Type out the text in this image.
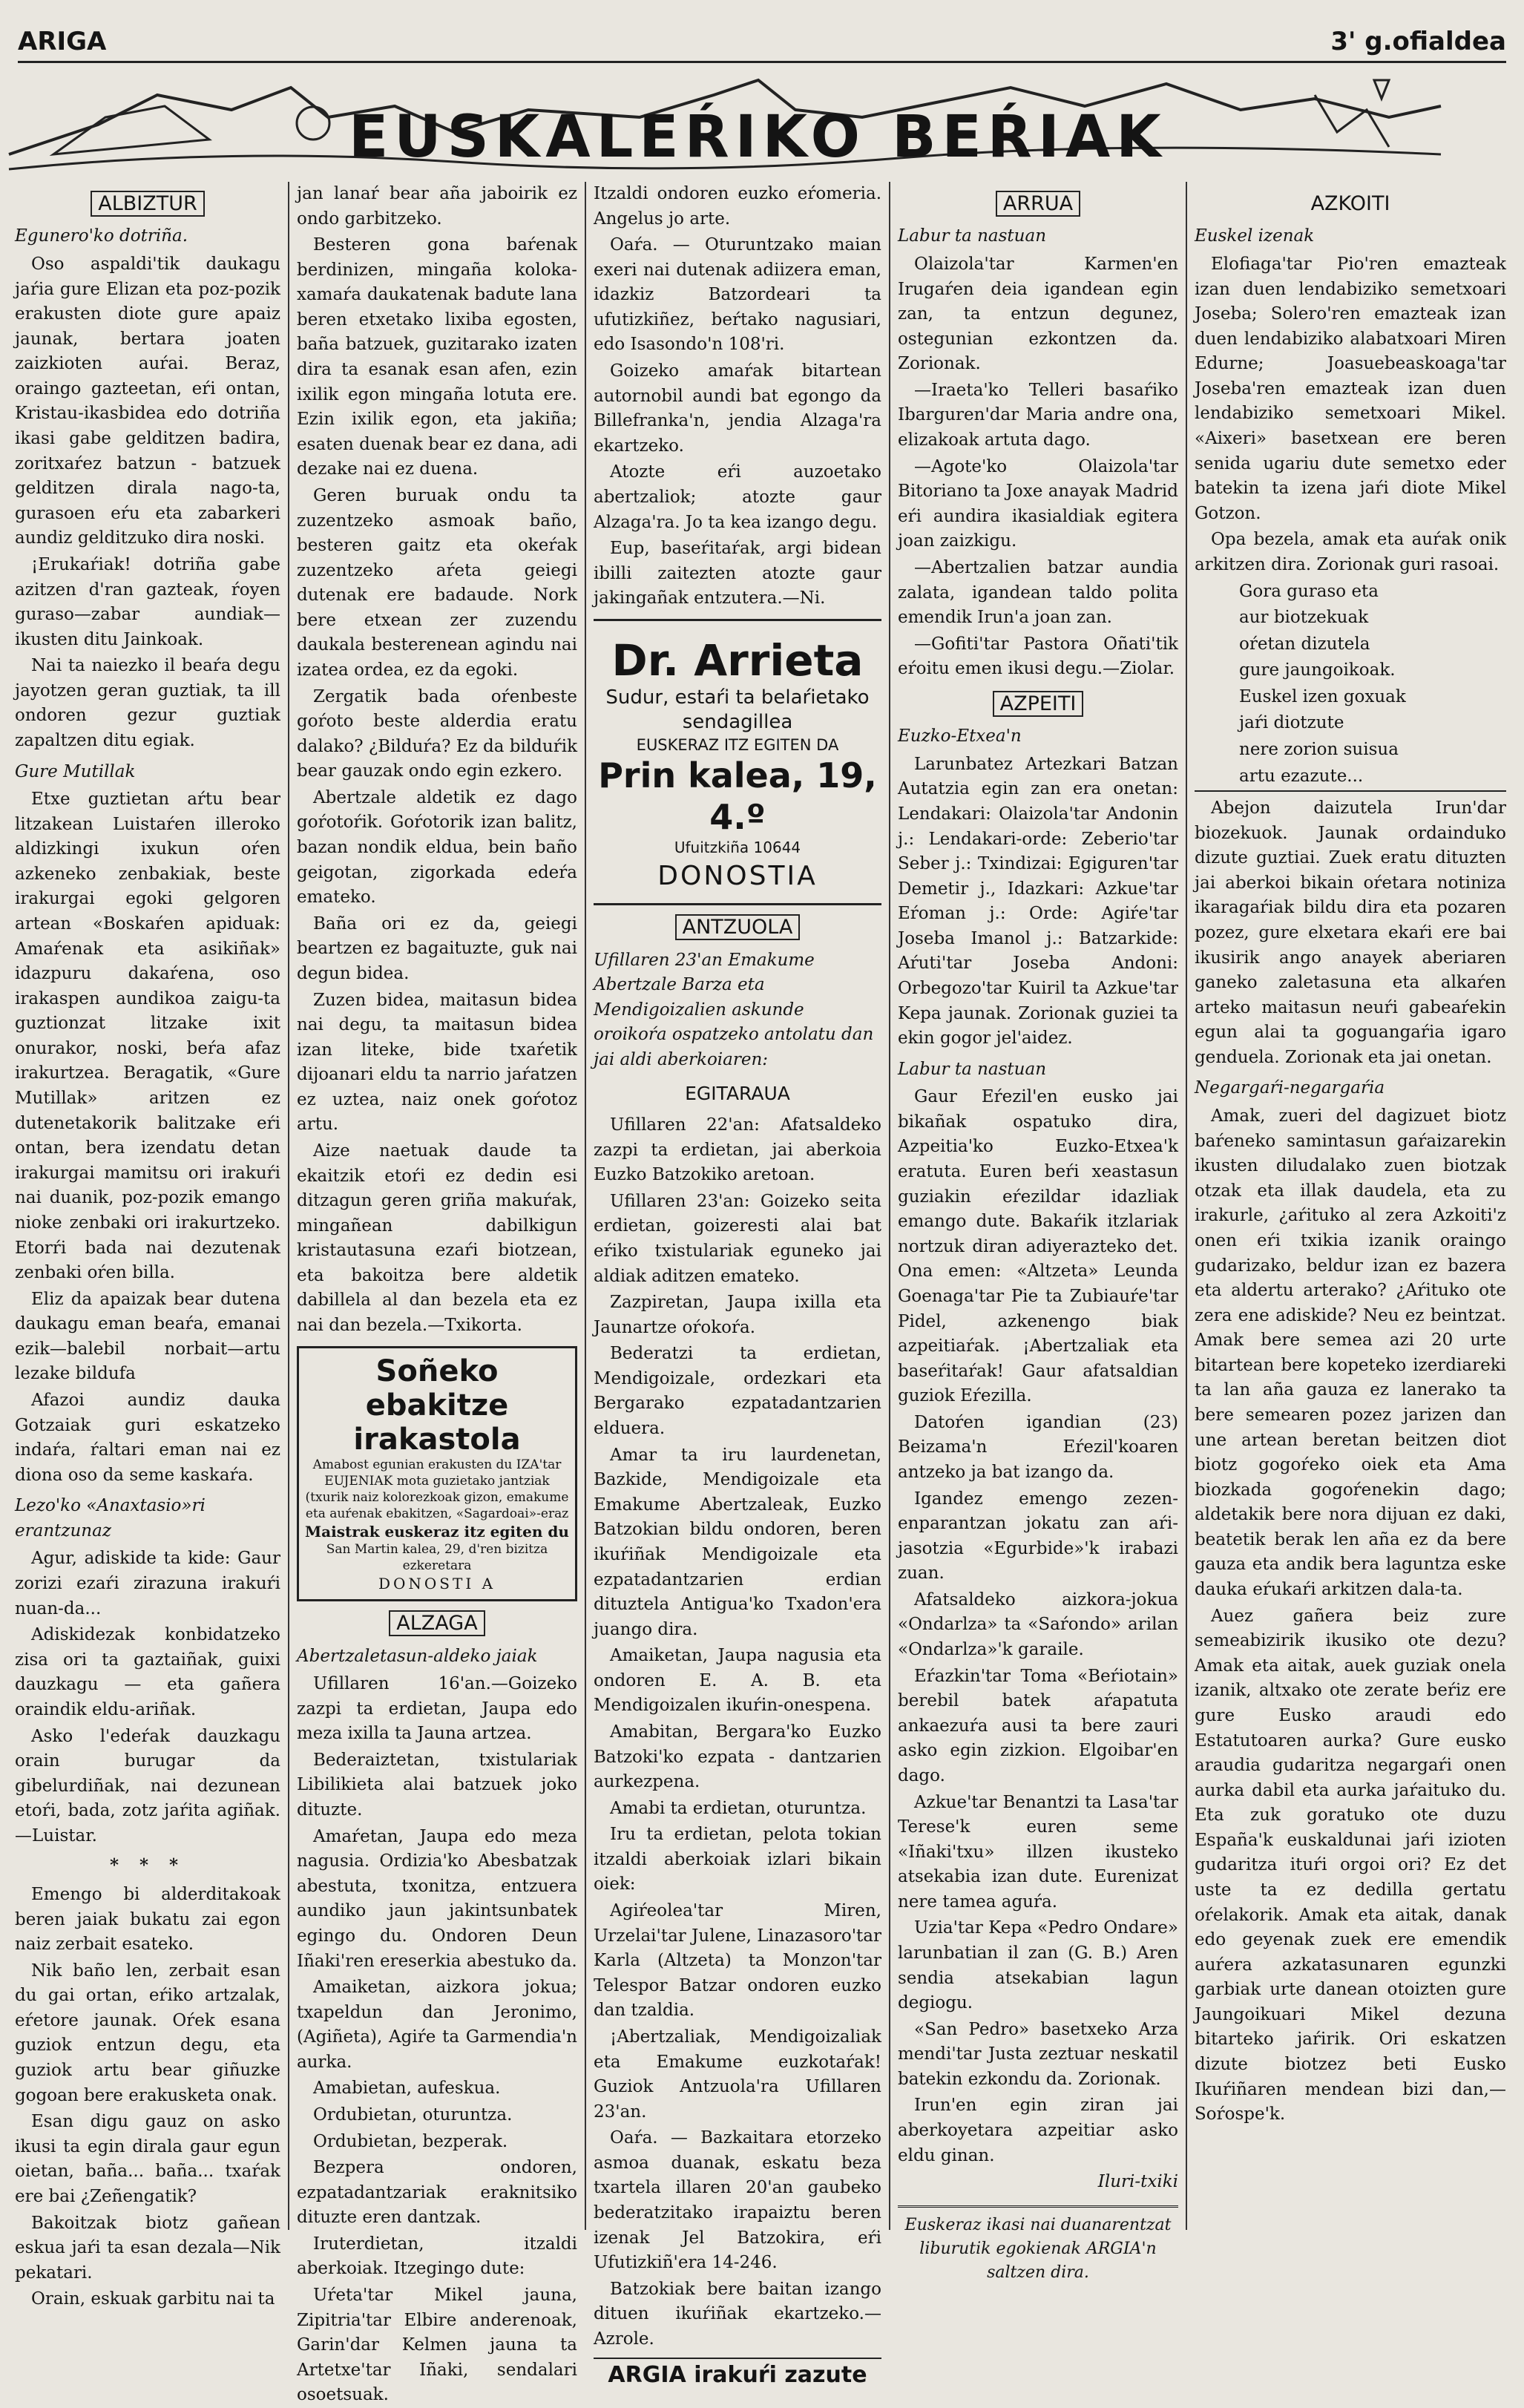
ARIGA	3' g.ofialdea
EUSKALEŔIKO BEŔIAK
ALBIZTUR
Egunero'ko dotriña.

Oso aspaldi'tik daukagu jaŕia gure Elizan eta poz-pozik erakusten diote gure apaiz jaunak, bertara joaten zaizkioten auŕai. Beraz, oraingo gazteetan, eŕi ontan, Kristau-ikasbidea edo dotriña ikasi gabe gelditzen badira, zoritxaŕez batzun - batzuek gelditzen dirala nago-ta, gurasoen eŕu eta zabarkeri aundiz gelditzuko dira noski.

¡Erukaŕiak! dotriña gabe azitzen d'ran gazteak, ŕoyen guraso—zabar aundiak—ikusten ditu Jainkoak.

Nai ta naiezko il beaŕa degu jayotzen geran guztiak, ta ill ondoren gezur guztiak zapaltzen ditu egiak.

Gure Mutillak

Etxe guztietan aŕtu bear litzakean Luistaŕen illeroko aldizkingi ixukun oŕen azkeneko zenbakiak, beste irakurgai egoki gelgoren artean «Boskaŕen apiduak: Amaŕenak eta asikiñak» idazpuru dakaŕena, oso irakaspen aundikoa zaigu-ta guztionzat litzake ixit onurakor, noski, beŕa afaz irakurtzea. Beragatik, «Gure Mutillak» aritzen ez dutenetakorik balitzake eŕi ontan, bera izendatu detan irakurgai mamitsu ori irakuŕi nai duanik, poz-pozik emango nioke zenbaki ori irakurtzeko. Etorŕi bada nai dezutenak zenbaki oŕen billa.

Eliz da apaizak bear dutena daukagu eman beaŕa, emanai ezik—balebil norbait—artu lezake bildufa

Afazoi aundiz dauka Gotzaiak guri eskatzeko indaŕa, ŕaltari eman nai ez diona oso da seme kaskaŕa.

Lezo'ko «Anaxtasio»ri erantzunaz

Agur, adiskide ta kide: Gaur zorizi ezaŕi zirazuna irakuŕi nuan-da...

Adiskidezak konbidatzeko zisa ori ta gaztaiñak, guixi dauzkagu — eta gañera oraindik eldu-ariñak.

Asko l'edeŕak dauzkagu orain burugar da gibelurdiñak, nai dezunean etoŕi, bada, zotz jaŕita agiñak.—Luistar.

* * *

Emengo bi alderditakoak beren jaiak bukatu zai egon naiz zerbait esateko.

Nik baño len, zerbait esan du gai ortan, eŕiko artzalak, eŕetore jaunak. Oŕek esana guziok entzun degu, eta guziok artu bear giñuzke gogoan bere erakusketa onak.

Esan digu gauz on asko ikusi ta egin dirala gaur egun oietan, baña... baña... txaŕak ere bai ¿Zeñengatik?

Bakoitzak biotz gañean eskua jaŕi ta esan dezala—Nik pekatari.

Orain, eskuak garbitu nai ta

jan lanaŕ bear aña jaboirik ez ondo garbitzeko.

Besteren gona baŕenak berdinizen, mingaña koloka-xamaŕa daukatenak badute lana beren etxetako lixiba egosten, baña batzuek, guzitarako izaten dira ta esanak esan afen, ezin ixilik egon mingaña lotuta ere. Ezin ixilik egon, eta jakiña; esaten duenak bear ez dana, adi dezake nai ez duena.

Geren buruak ondu ta zuzentzeko asmoak baño, besteren gaitz eta okeŕak zuzentzeko aŕeta geiegi dutenak ere badaude. Nork bere etxean zer zuzendu daukala besterenean agindu nai izatea ordea, ez da egoki.

Zergatik bada oŕenbeste goŕoto beste alderdia eratu dalako? ¿Bilduŕa? Ez da bilduŕik bear gauzak ondo egin ezkero.

Abertzale aldetik ez dago goŕotoŕik. Goŕotorik izan balitz, bazan nondik eldua, bein baño geigotan, zigorkada edeŕa emateko.

Baña ori ez da, geiegi beartzen ez bagaituzte, guk nai degun bidea.

Zuzen bidea, maitasun bidea nai degu, ta maitasun bidea izan liteke, bide txaŕetik dijoanari eldu ta narrio jaŕatzen ez uztea, naiz onek goŕotoz artu.

Aize naetuak daude ta ekaitzik etoŕi ez dedin esi ditzagun geren griña makuŕak, mingañean dabilkigun kristautasuna ezaŕi biotzean, eta bakoitza bere aldetik dabillela al dan bezela eta ez nai dan bezela.—Txikorta.

Soñeko ebakitze irakastola
Amabost egunian erakusten du IZA'tar EUJENIAK mota guzietako jantziak (txurik naiz kolorezkoak gizon, emakume eta auŕenak ebakitzen, «Sagardoai»-eraz
Maistrak euskeraz itz egiten du
San Martin kalea, 29, d'ren bizitza ezkeretara
DONOSTI A
ALZAGA
Abertzaletasun-aldeko jaiak

Ufillaren 16'an.—Goizeko zazpi ta erdietan, Jaupa edo meza ixilla ta Jauna artzea.

Bederaiztetan, txistulariak Libilikieta alai batzuek joko dituzte.

Amaŕetan, Jaupa edo meza nagusia. Ordizia'ko Abesbatzak abestuta, txonitza, entzuera aundiko jaun jakintsunbatek egingo du. Ondoren Deun Iñaki'ren ereserkia abestuko da.

Amaiketan, aizkora jokua; txapeldun dan Jeronimo, (Agiñeta), Agiŕe ta Garmendia'n aurka.

Amabietan, aufeskua.

Ordubietan, oturuntza.

Ordubietan, bezperak.

Bezpera ondoren, ezpatadantzariak eraknitsiko dituzte eren dantzak.

Iruterdietan, itzaldi aberkoiak. Itzegingo dute:

Uŕeta'tar Mikel jauna, Zipitria'tar Elbire anderenoak, Garin'dar Kelmen jauna ta Artetxe'tar Iñaki, sendalari osoetsuak.

Itzaldi ondoren euzko eŕomeria. Angelus jo arte.

Oaŕa. — Oturuntzako maian exeri nai dutenak adiizera eman, idazkiz Batzordeari ta ufutizkiñez, beŕtako nagusiari, edo Isasondo'n 108'ri.

Goizeko amaŕak bitartean autornobil aundi bat egongo da Billefranka'n, jendia Alzaga'ra ekartzeko.

Atozte eŕi auzoetako abertzaliok; atozte gaur Alzaga'ra. Jo ta kea izango degu.

Eup, baseŕitaŕak, argi bidean ibilli zaitezten atozte gaur jakingañak entzutera.—Ni.

Dr. Arrieta
Sudur, estaŕi ta belaŕietako
sendagillea
EUSKERAZ ITZ EGITEN DA
Prin kalea, 19, 4.º
Ufuitzkiña 10644
DONOSTIA
ANTZUOLA
Ufillaren 23'an Emakume Abertzale Barza eta Mendigoizalien askunde oroikoŕa ospatzeko antolatu dan jai aldi aberkoiaren:
EGITARAUA

Ufillaren 22'an: Afatsaldeko zazpi ta erdietan, jai aberkoia Euzko Batzokiko aretoan.

Ufillaren 23'an: Goizeko seita erdietan, goizeresti alai bat eŕiko txistulariak eguneko jai aldiak aditzen emateko.

Zazpiretan, Jaupa ixilla eta Jaunartze oŕokoŕa.

Bederatzi ta erdietan, Mendigoizale, ordezkari eta Bergarako ezpatadantzarien elduera.

Amar ta iru laurdenetan, Bazkide, Mendigoizale eta Emakume Abertzaleak, Euzko Batzokian bildu ondoren, beren ikuŕiñak Mendigoizale eta ezpatadantzarien erdian dituztela Antigua'ko Txadon'era juango dira.

Amaiketan, Jaupa nagusia eta ondoren E. A. B. eta Mendigoizalen ikuŕin-onespena.

Amabitan, Bergara'ko Euzko Batzoki'ko ezpata - dantzarien aurkezpena.

Amabi ta erdietan, oturuntza.

Iru ta erdietan, pelota tokian itzaldi aberkoiak izlari bikain oiek:

Agiŕeolea'tar Miren, Urzelai'tar Julene, Linazasoro'tar Karla (Altzeta) ta Monzon'tar Telespor Batzar ondoren euzko dan tzaldia.

¡Abertzaliak, Mendigoizaliak eta Emakume euzkotaŕak! Guziok Antzuola'ra Ufillaren 23'an.

Oaŕa. — Bazkaitara etorzeko asmoa duanak, eskatu beza txartela illaren 20'an gaubeko bederatzitako irapaiztu beren izenak Jel Batzokira, eŕi Ufutizkiñ'era 14-246.

Batzokiak bere baitan izango dituen ikuŕiñak ekartzeko.—Azrole.

ARGIA irakuŕi zazute
ARRUA
Labur ta nastuan

Olaizola'tar Karmen'en Irugaŕen deia igandean egin zan, ta entzun degunez, ostegunian ezkontzen da. Zorionak.

—Iraeta'ko Telleri basaŕiko Ibarguren'dar Maria andre ona, elizakoak artuta dago.

—Agote'ko Olaizola'tar Bitoriano ta Joxe anayak Madrid eŕi aundira ikasialdiak egitera joan zaizkigu.

—Abertzalien batzar aundia zalata, igandean taldo polita emendik Irun'a joan zan.

—Gofiti'tar Pastora Oñati'tik eŕoitu emen ikusi degu.—Ziolar.

AZPEITI
Euzko-Etxea'n

Larunbatez Artezkari Batzan Autatzia egin zan era onetan: Lendakari: Olaizola'tar Andonin j.: Lendakari-orde: Zeberio'tar Seber j.: Txindizai: Egiguren'tar Demetir j., Idazkari: Azkue'tar Eŕoman j.: Orde: Agiŕe'tar Joseba Imanol j.: Batzarkide: Aŕuti'tar Joseba Andoni: Orbegozo'tar Kuiril ta Azkue'tar Kepa jaunak. Zorionak guziei ta ekin gogor jel'aidez.

Labur ta nastuan

Gaur Eŕezil'en eusko jai bikañak ospatuko dira, Azpeitia'ko Euzko-Etxea'k eratuta. Euren beŕi xeastasun guziakin eŕezildar idazliak emango dute. Bakaŕik itzlariak nortzuk diran adiyerazteko det. Ona emen: «Altzeta» Leunda Goenaga'tar Pie ta Zubiauŕe'tar Pidel, azkenengo biak azpeitiaŕak. ¡Abertzaliak eta baseŕitaŕak! Gaur afatsaldian guziok Eŕezilla.

Datoŕen igandian (23) Beizama'n Eŕezil'koaren antzeko ja bat izango da.

Igandez emengo zezen-enparantzan jokatu zan aŕi-jasotzia «Egurbide»'k irabazi zuan.

Afatsaldeko aizkora-jokua «Ondarlza» ta «Saŕondo» arilan «Ondarlza»'k garaile.

Eŕazkin'tar Toma «Beŕiotain» berebil batek aŕapatuta ankaezuŕa ausi ta bere zauri asko egin zizkion. Elgoibar'en dago.

Azkue'tar Benantzi ta Lasa'tar Terese'k euren seme «Iñaki'txu» illzen ikusteko atsekabia izan dute. Eurenizat nere tamea aguŕa.

Uzia'tar Kepa «Pedro Ondare» larunbatian il zan (G. B.) Aren sendia atsekabian lagun degiogu.

«San Pedro» basetxeko Arza mendi'tar Justa zeztuar neskatil batekin ezkondu da. Zorionak.

Irun'en egin ziran jai aberkoyetara azpeitiar asko eldu ginan.

Iluri-txiki
Euskeraz ikasi nai duanarentzat liburutik egokienak ARGIA'n saltzen dira.
AZKOITI
Euskel izenak

Elofiaga'tar Pio'ren emazteak izan duen lendabiziko semetxoari Joseba; Solero'ren emazteak izan duen lendabiziko alabatxoari Miren Edurne; Joasuebeaskoaga'tar Joseba'ren emazteak izan duen lendabiziko semetxoari Mikel. «Aixeri» basetxean ere beren senida ugariu dute semetxo eder batekin ta izena jaŕi diote Mikel Gotzon.

Opa bezela, amak eta auŕak onik arkitzen dira. Zorionak guri rasoai.

Gora guraso eta

aur biotzekuak

oŕetan dizutela

gure jaungoikoak.

Euskel izen goxuak

jaŕi diotzute

nere zorion suisua

artu ezazute...

Abejon daizutela Irun'dar biozekuok. Jaunak ordainduko dizute guztiai. Zuek eratu dituzten jai aberkoi bikain oŕetara notiniza ikaragaŕiak bildu dira eta pozaren pozez, gure elxetara ekaŕi ere bai ikusirik ango anayek aberiaren ganeko zaletasuna eta alkaŕen arteko maitasun neuŕi gabeaŕekin egun alai ta goguangaŕia igaro genduela. Zorionak eta jai onetan.

Negargaŕi-negargaŕia

Amak, zueri del dagizuet biotz baŕeneko samintasun gaŕaizarekin ikusten diludalako zuen biotzak otzak eta illak daudela, eta zu irakurle, ¿aŕituko al zera Azkoiti'z onen eŕi txikia izanik oraingo gudarizako, beldur izan ez bazera eta aldertu arterako? ¿Aŕituko ote zera ene adiskide? Neu ez beintzat. Amak bere semea azi 20 urte bitartean bere kopeteko izerdiareki ta lan aña gauza ez lanerako ta bere semearen pozez jarizen dan une artean beretan beitzen diot biotz gogoŕeko oiek eta Ama biozkada gogoŕenekin dago; aldetakik bere nora dijuan ez daki, beatetik berak len aña ez da bere gauza eta andik bera laguntza eske dauka eŕukaŕi arkitzen dala-ta.

Auez gañera beiz zure semeabizirik ikusiko ote dezu? Amak eta aitak, auek guziak onela izanik, altxako ote zerate beŕiz ere gure Eusko araudi edo Estatutoaren aurka? Gure eusko araudia gudaritza negargaŕi onen aurka dabil eta aurka jaŕaituko du. Eta zuk goratuko ote duzu España'k euskaldunai jaŕi izioten gudaritza ituŕi orgoi ori? Ez det uste ta ez dedilla gertatu oŕelakorik. Amak eta aitak, danak edo geyenak zuek ere emendik auŕera azkatasunaren egunzki garbiak urte danean otoizten gure Jaungoikuari Mikel dezuna bitarteko jaŕirik. Ori eskatzen dizute biotzez beti Eusko Ikuŕiñaren mendean bizi dan,—Soŕospe'k.
